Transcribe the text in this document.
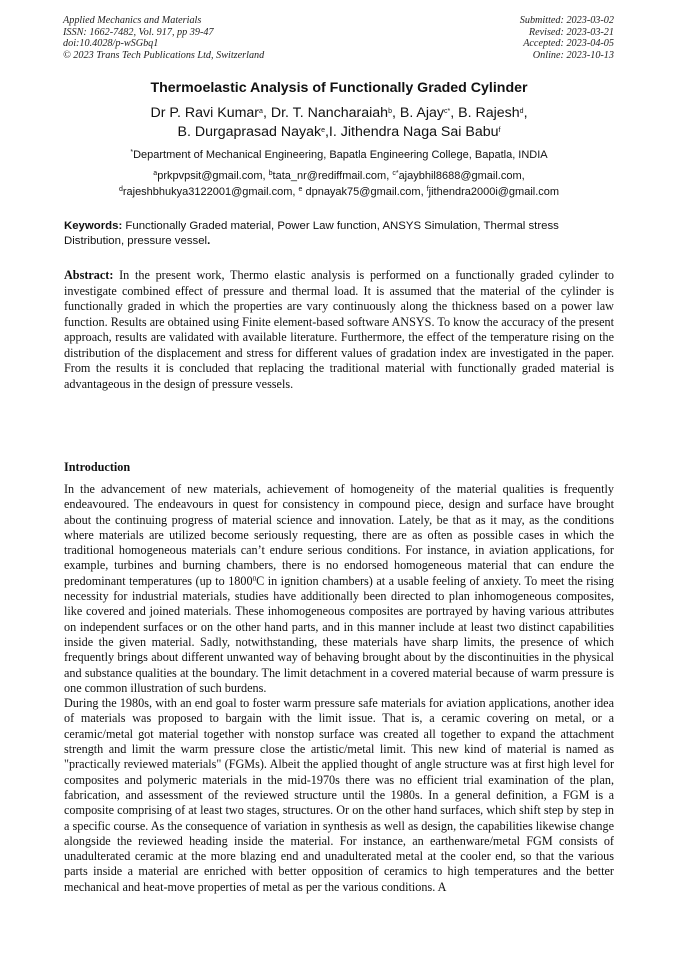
Applied Mechanics and Materials
ISSN: 1662-7482, Vol. 917, pp 39-47
doi:10.4028/p-wSGbq1
© 2023 Trans Tech Publications Ltd, Switzerland
Submitted: 2023-03-02
Revised: 2023-03-21
Accepted: 2023-04-05
Online: 2023-10-13
Thermoelastic Analysis of Functionally Graded Cylinder
Dr P. Ravi Kumar$^a$, Dr. T. Nancharaiah$^b$, B. Ajay$^{c*}$, B. Rajesh$^d$,
B. Durgaprasad Nayak$^e$,I. Jithendra Naga Sai Babu$^f$
*Department of Mechanical Engineering, Bapatla Engineering College, Bapatla, INDIA
$^a$prkpvpsit@gmail.com, $^b$tata_nr@rediffmail.com, $^{c*}$ajaybhil8688@gmail.com,
$^d$rajeshbhukya3122001@gmail.com, $^e$ dpnayak75@gmail.com, $^f$jithendra2000i@gmail.com
Keywords: Functionally Graded material, Power Law function, ANSYS Simulation, Thermal stress Distribution, pressure vessel.
Abstract: In the present work, Thermo elastic analysis is performed on a functionally graded cylinder to investigate combined effect of pressure and thermal load. It is assumed that the material of the cylinder is functionally graded in which the properties are vary continuously along the thickness based on a power law function. Results are obtained using Finite element-based software ANSYS. To know the accuracy of the present approach, results are validated with available literature. Furthermore, the effect of the temperature rising on the distribution of the displacement and stress for different values of gradation index are investigated in the paper. From the results it is concluded that replacing the traditional material with functionally graded material is advantageous in the design of pressure vessels.
Introduction

In the advancement of new materials, achievement of homogeneity of the material qualities is frequently endeavoured. The endeavours in quest for consistency in compound piece, design and surface have brought about the continuing progress of material science and innovation. Lately, be that as it may, as the conditions where materials are utilized become seriously requesting, there are as often as possible cases in which the traditional homogeneous materials can’t endure serious conditions. For instance, in aviation applications, for example, turbines and burning chambers, there is no endorsed homogeneous material that can endure the predominant temperatures (up to 1800$^0$C in ignition chambers) at a usable feeling of anxiety. To meet the rising necessity for industrial materials, studies have additionally been directed to plan inhomogeneous composites, like covered and joined materials. These inhomogeneous composites are portrayed by having various attributes on independent surfaces or on the other hand parts, and in this manner include at least two distinct capabilities inside the given material. Sadly, notwithstanding, these materials have sharp limits, the presence of which frequently brings about different unwanted way of behaving brought about by the discontinuities in the physical and substance qualities at the boundary. The limit detachment in a covered material because of warm pressure is one common illustration of such burdens.

During the 1980s, with an end goal to foster warm pressure safe materials for aviation applications, another idea of materials was proposed to bargain with the limit issue. That is, a ceramic covering on metal, or a ceramic/metal got material together with nonstop surface was created all together to expand the attachment strength and limit the warm pressure close the artistic/metal limit. This new kind of material is named as "practically reviewed materials" (FGMs). Albeit the applied thought of angle structure was at first high level for composites and polymeric materials in the mid-1970s there was no efficient trial examination of the plan, fabrication, and assessment of the reviewed structure until the 1980s. In a general definition, a FGM is a composite comprising of at least two stages, structures. Or on the other hand surfaces, which shift step by step in a specific course. As the consequence of variation in synthesis as well as design, the capabilities likewise change alongside the reviewed heading inside the material. For instance, an earthenware/metal FGM consists of unadulterated ceramic at the more blazing end and unadulterated metal at the cooler end, so that the various parts inside a material are enriched with better opposition of ceramics to high temperatures and the better mechanical and heat-move properties of metal as per the various conditions. A
